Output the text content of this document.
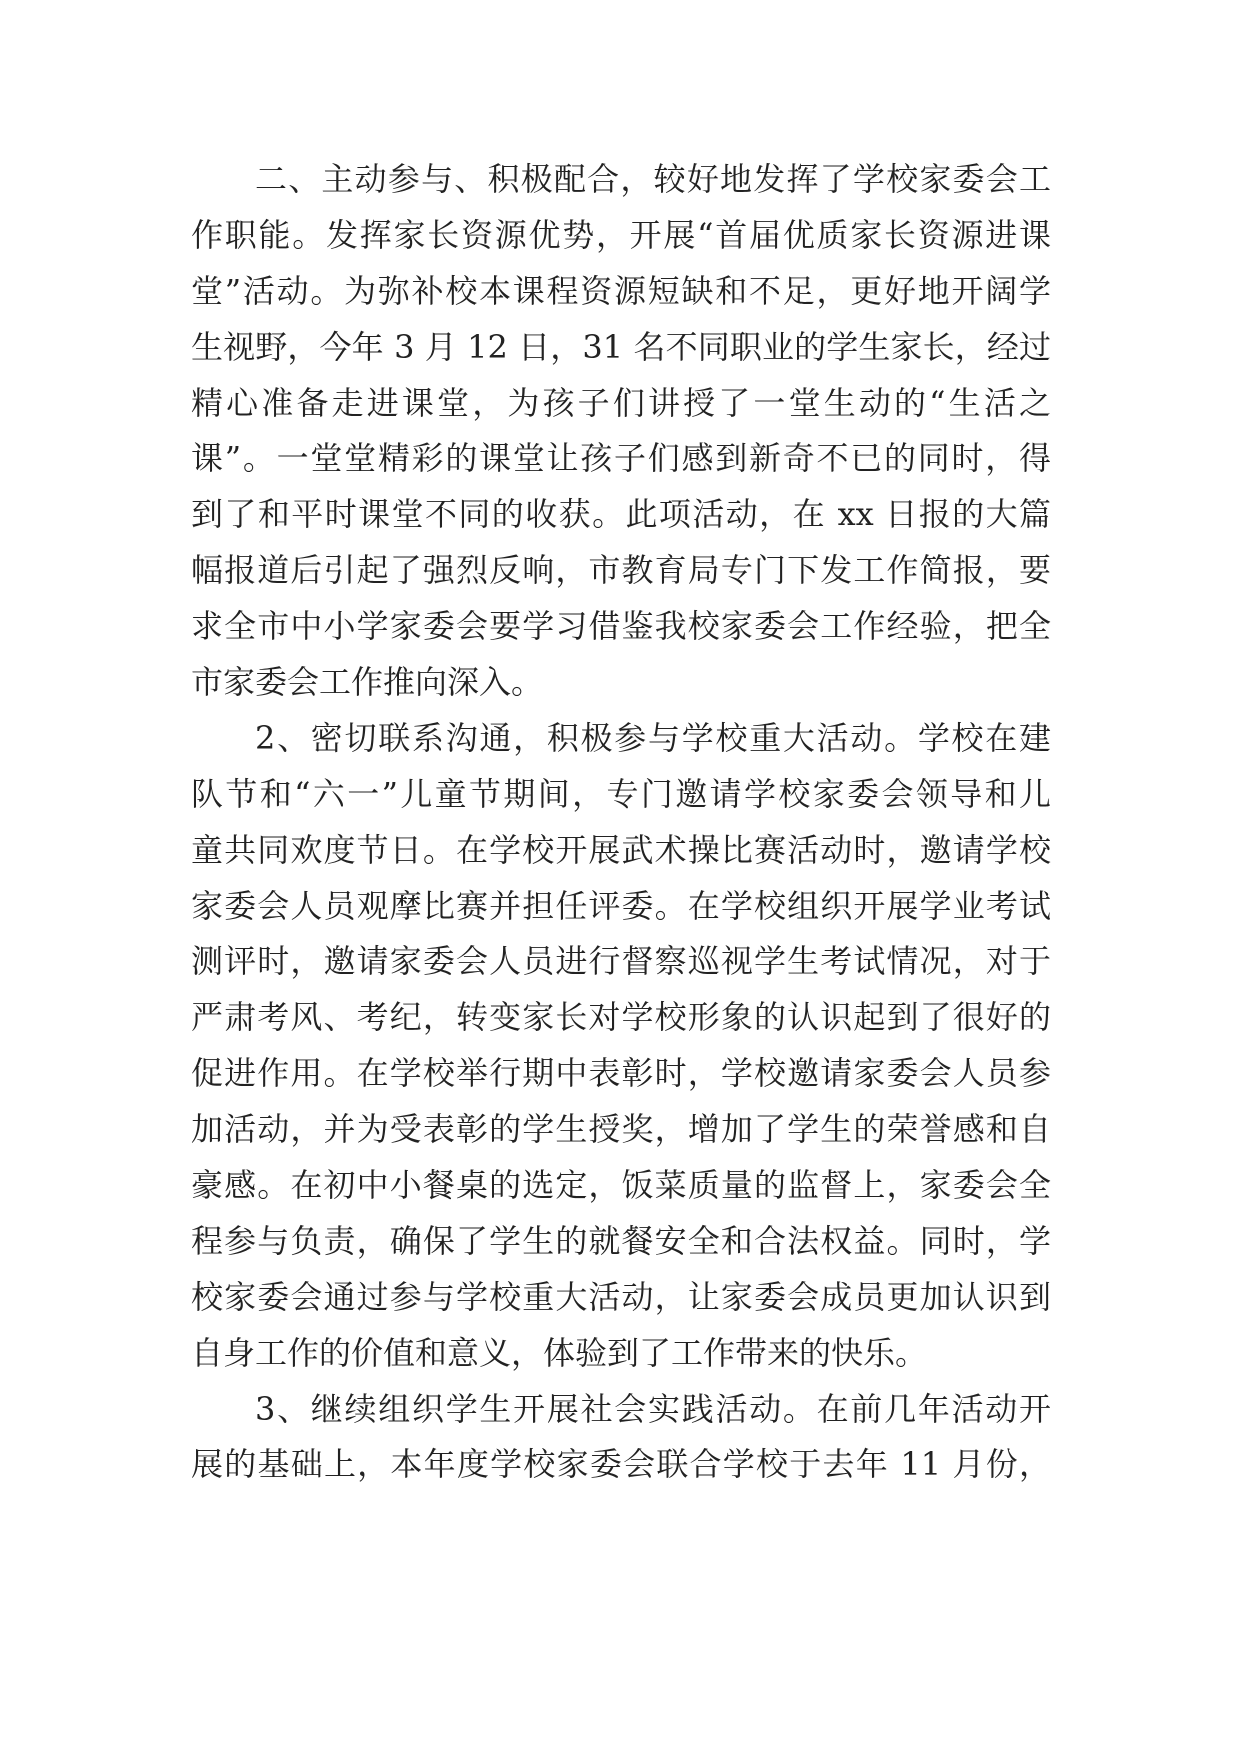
二、主动参与、积极配合，较好地发挥了学校家委会工
作职能。发挥家长资源优势，开展“首届优质家长资源进课
堂”活动。为弥补校本课程资源短缺和不足，更好地开阔学
生视野，今年 3 月 12 日，31 名不同职业的学生家长，经过
精心准备走进课堂，为孩子们讲授了一堂生动的“生活之
课”。一堂堂精彩的课堂让孩子们感到新奇不已的同时，得
到了和平时课堂不同的收获。此项活动，在 xx 日报的大篇
幅报道后引起了强烈反响，市教育局专门下发工作简报，要
求全市中小学家委会要学习借鉴我校家委会工作经验，把全
市家委会工作推向深入。
2、密切联系沟通，积极参与学校重大活动。学校在建
队节和“六一”儿童节期间，专门邀请学校家委会领导和儿
童共同欢度节日。在学校开展武术操比赛活动时，邀请学校
家委会人员观摩比赛并担任评委。在学校组织开展学业考试
测评时，邀请家委会人员进行督察巡视学生考试情况，对于
严肃考风、考纪，转变家长对学校形象的认识起到了很好的
促进作用。在学校举行期中表彰时，学校邀请家委会人员参
加活动，并为受表彰的学生授奖，增加了学生的荣誉感和自
豪感。在初中小餐桌的选定，饭菜质量的监督上，家委会全
程参与负责，确保了学生的就餐安全和合法权益。同时，学
校家委会通过参与学校重大活动，让家委会成员更加认识到
自身工作的价值和意义，体验到了工作带来的快乐。
3、继续组织学生开展社会实践活动。在前几年活动开
展的基础上，本年度学校家委会联合学校于去年 11 月份，
